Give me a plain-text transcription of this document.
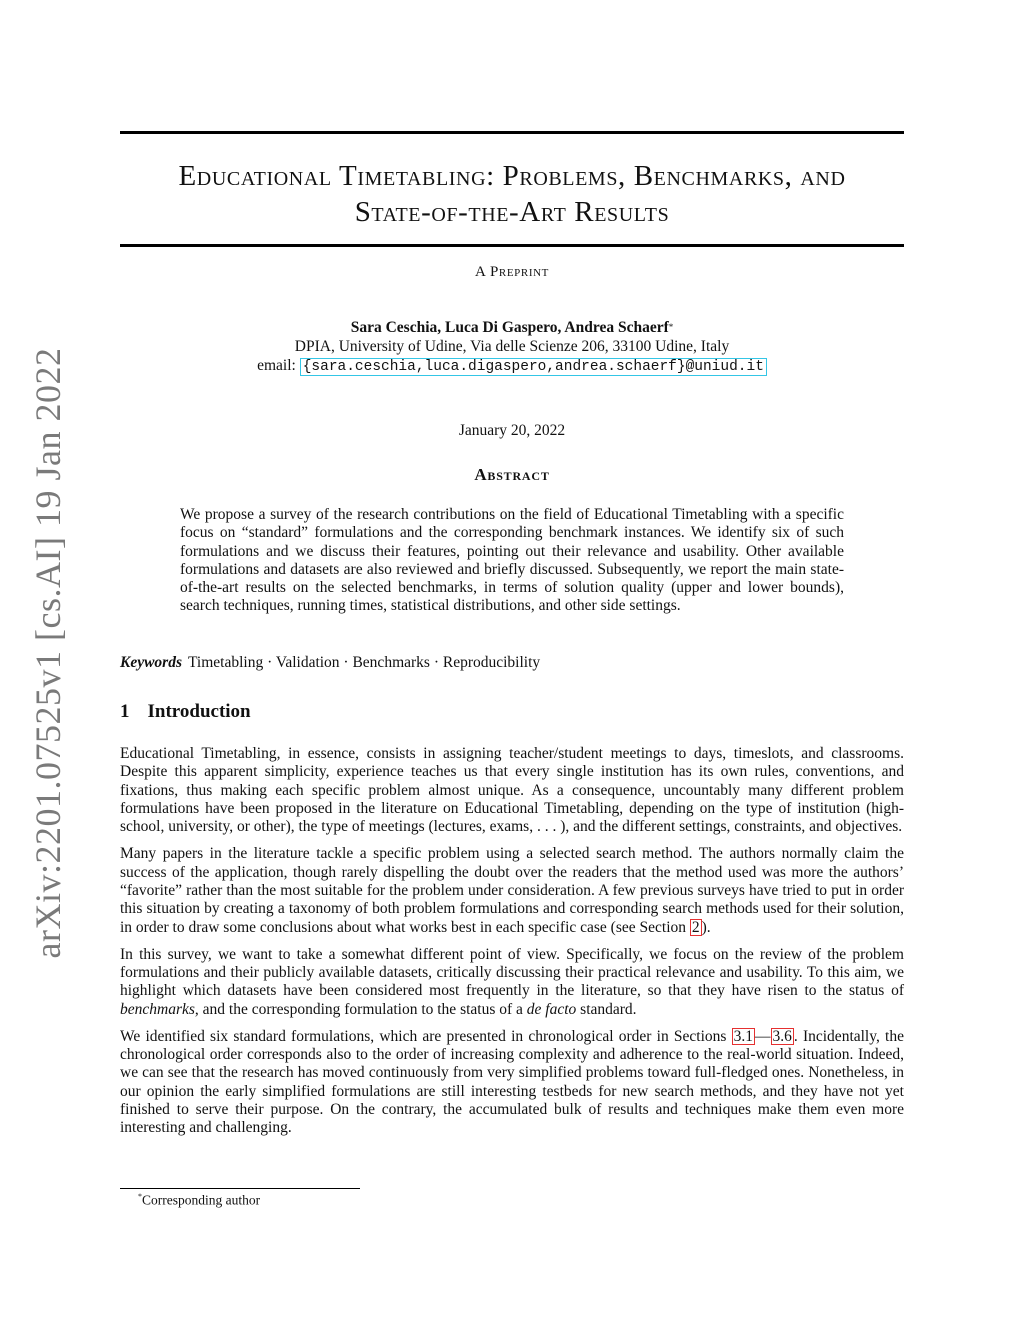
arXiv:2201.07525v1 [cs.AI] 19 Jan 2022
Educational Timetabling: Problems, Benchmarks, and
State-of-the-Art Results
A Preprint
Sara Ceschia, Luca Di Gaspero, Andrea Schaerf*
DPIA, University of Udine, Via delle Scienze 206, 33100 Udine, Italy
email: {sara.ceschia,luca.digaspero,andrea.schaerf}@uniud.it
January 20, 2022
Abstract

We propose a survey of the research contributions on the field of Educational Timetabling with a specific focus on “standard” formulations and the corresponding benchmark instances. We identify six of such formulations and we discuss their features, pointing out their relevance and usability. Other available formulations and datasets are also reviewed and briefly discussed. Subsequently, we report the main state-of-the-art results on the selected benchmarks, in terms of solution quality (upper and lower bounds), search techniques, running times, statistical distributions, and other side settings.

Keywords Timetabling · Validation · Benchmarks · Reproducibility
1 Introduction

Educational Timetabling, in essence, consists in assigning teacher/student meetings to days, timeslots, and classrooms. Despite this apparent simplicity, experience teaches us that every single institution has its own rules, conventions, and fixations, thus making each specific problem almost unique. As a consequence, uncountably many different problem formulations have been proposed in the literature on Educational Timetabling, depending on the type of institution (high-school, university, or other), the type of meetings (lectures, exams, . . . ), and the different settings, constraints, and objectives.

Many papers in the literature tackle a specific problem using a selected search method. The authors normally claim the success of the application, though rarely dispelling the doubt over the readers that the method used was more the authors’ “favorite” rather than the most suitable for the problem under consideration. A few previous surveys have tried to put in order this situation by creating a taxonomy of both problem formulations and corresponding search methods used for their solution, in order to draw some conclusions about what works best in each specific case (see Section 2 ).

In this survey, we want to take a somewhat different point of view. Specifically, we focus on the review of the problem formulations and their publicly available datasets, critically discussing their practical relevance and usability. To this aim, we highlight which datasets have been considered most frequently in the literature, so that they have risen to the status of benchmarks, and the corresponding formulation to the status of a de facto standard.

We identified six standard formulations, which are presented in chronological order in Sections 3.1 — 3.6 . Incidentally, the chronological order corresponds also to the order of increasing complexity and adherence to the real-world situation. Indeed, we can see that the research has moved continuously from very simplified problems toward full-fledged ones. Nonetheless, in our opinion the early simplified formulations are still interesting testbeds for new search methods, and they have not yet finished to serve their purpose. On the contrary, the accumulated bulk of results and techniques make them even more interesting and challenging.

*Corresponding author
